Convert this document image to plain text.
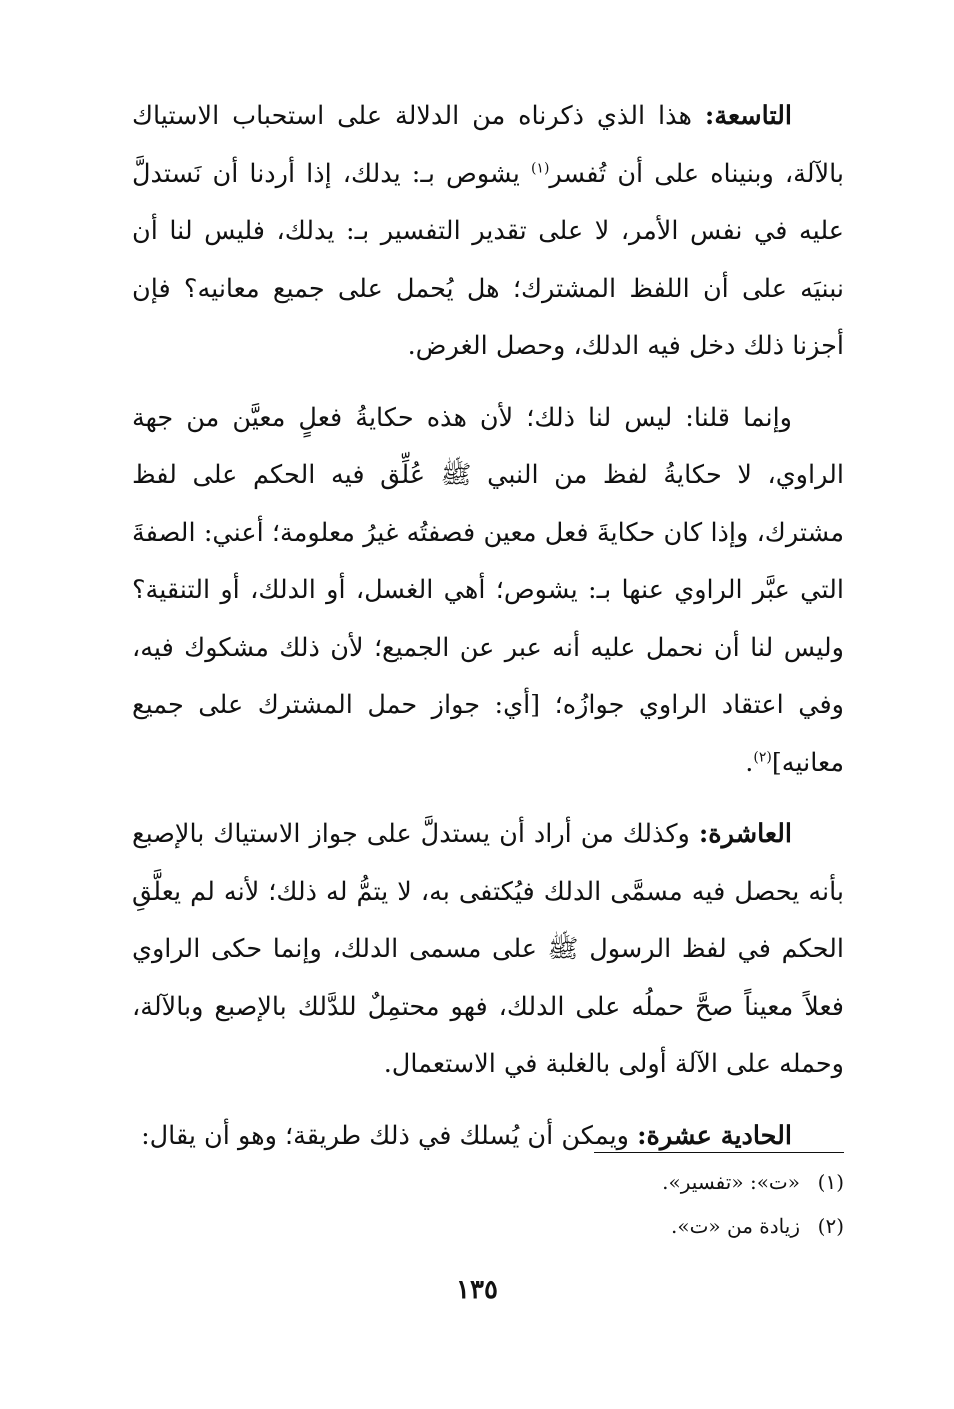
التاسعة: هذا الذي ذكرناه من الدلالة على استحباب الاستياك بالآلة، وبنيناه على أن تُفسر$^{(١)}$ يشوص بـ: يدلك، إذا أردنا أن نَستدلَّ عليه في نفس الأمر، لا على تقدير التفسير بـ: يدلك، فليس لنا أن نبنيَه على أن اللفظ المشترك؛ هل يُحمل على جميع معانيه؟ فإن أجزنا ذلك دخل فيه الدلك، وحصل الغرض.

وإنما قلنا: ليس لنا ذلك؛ لأن هذه حكايةُ فعلٍ معيَّن من جهة الراوي، لا حكايةُ لفظ من النبي ﷺ عُلِّق فيه الحكم على لفظ مشترك، وإذا كان حكايةَ فعل معين فصفتُه غيرُ معلومة؛ أعني: الصفةَ التي عبَّر الراوي عنها بـ: يشوص؛ أهي الغسل، أو الدلك، أو التنقية؟ وليس لنا أن نحمل عليه أنه عبر عن الجميع؛ لأن ذلك مشكوك فيه، وفي اعتقاد الراوي جوازُه؛ [أي: جواز حمل المشترك على جميع معانيه]$^{(٢)}$.

العاشرة: وكذلك من أراد أن يستدلَّ على جواز الاستياك بالإصبع بأنه يحصل فيه مسمَّى الدلك فيُكتفى به، لا يتمُّ له ذلك؛ لأنه لم يعلَّقِ الحكم في لفظ الرسول ﷺ على مسمى الدلك، وإنما حكى الراوي فعلاً معيناً صحَّ حملُه على الدلك، فهو محتمِلٌ للدَّلك بالإصبع وبالآلة، وحمله على الآلة أولى بالغلبة في الاستعمال.

الحادية عشرة: ويمكن أن يُسلك في ذلك طريقة؛ وهو أن يقال:

(١)«ت»: «تفسير».

(٢)زيادة من «ت».

١٣٥
